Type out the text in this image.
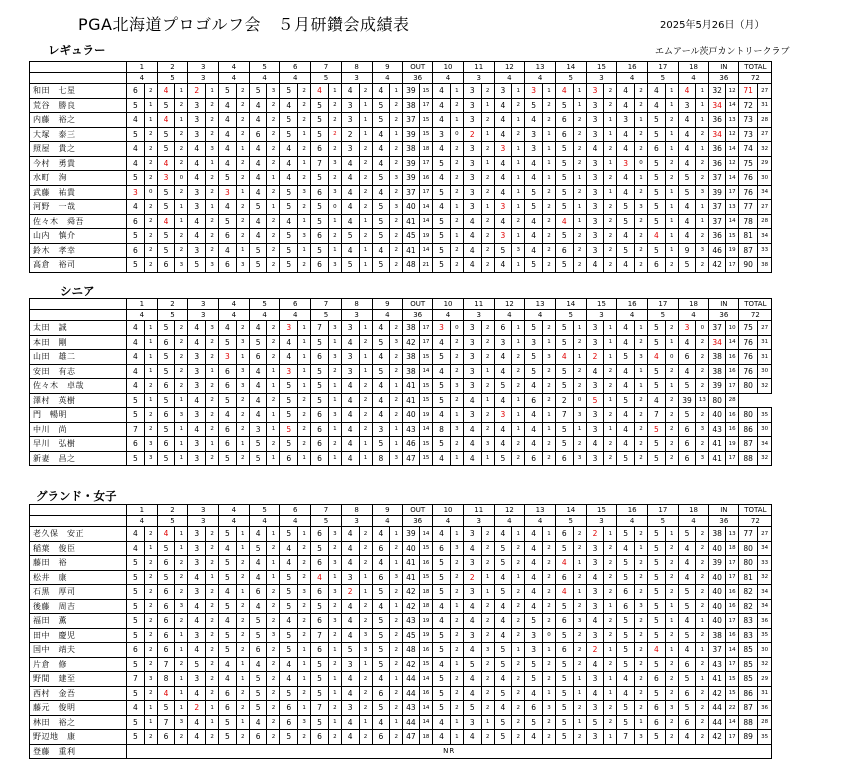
PGA北海道プロゴルフ会　５月研鑽会成績表	2025年5月26日（月）
エムアール茨戸カントリークラブ
レギュラー
シニア
グランド・女子
	1		2		3		4		5		6		7		8		9		OUT		10		11		12		13		14		15		16		17		18		IN		TOTAL	
	4		5		3		4		4		4		5		3		4		36		4		3		4		4		5		3		4		5		4		36		72	
和田　七星	6	2	4	1	2	1	5	2	5	3	5	2	4	1	4	2	4	1	39	15	4	1	3	2	3	1	3	1	4	1	3	2	4	2	4	1	4	1	32	12	71	27
荒谷　勝良	5	1	5	2	3	2	4	2	4	2	4	2	5	2	3	1	5	2	38	17	4	2	3	1	4	2	5	2	5	1	3	2	4	2	4	1	3	1	34	14	72	31
内藤　裕之	4	1	4	1	3	2	4	2	4	2	5	2	5	2	3	1	5	2	37	15	4	1	3	2	4	1	4	2	6	2	3	1	3	1	5	2	4	1	36	13	73	28
大塚　泰三	5	2	5	2	3	2	4	2	6	2	5	1	5	2	2	1	4	1	39	15	3	0	2	1	4	2	3	1	6	2	3	1	4	2	5	1	4	2	34	12	73	27
照屋　貴之	4	2	5	2	4	3	4	1	4	2	4	2	6	2	3	2	4	2	38	18	4	2	3	2	3	1	3	1	5	2	4	2	4	2	6	1	4	1	36	14	74	32
今村　勇貴	4	2	4	2	4	1	4	2	4	2	4	1	7	3	4	2	4	2	39	17	5	2	3	1	4	1	4	1	5	2	3	1	3	0	5	2	4	2	36	12	75	29
水町　洵	5	2	3	0	4	2	5	2	4	1	4	2	5	2	4	2	5	3	39	16	4	2	3	2	4	1	4	1	5	1	3	2	4	1	5	2	5	2	37	14	76	30
武藤　祐貴	3	0	5	2	3	2	3	1	4	2	5	3	6	3	4	2	4	2	37	17	5	2	3	2	4	1	5	2	5	2	3	1	4	2	5	1	5	3	39	17	76	34
河野　一哉	4	2	5	1	3	1	4	2	5	1	5	2	5	0	4	2	5	3	40	14	4	1	3	1	3	1	5	2	5	1	3	2	5	3	5	1	4	1	37	13	77	27
佐々木　舜吾	6	2	4	1	4	2	5	2	4	2	4	1	5	1	4	1	5	2	41	14	5	2	4	2	4	2	4	2	4	1	3	2	5	2	5	1	4	1	37	14	78	28
山内　慎介	5	2	5	2	4	2	6	2	4	2	5	3	6	2	5	2	5	2	45	19	5	1	4	2	3	1	4	2	5	2	3	2	4	2	4	1	4	2	36	15	81	34
鈴木　孝幸	6	2	5	2	3	2	4	1	5	2	5	1	5	1	4	1	4	2	41	14	5	2	4	2	5	3	4	2	6	2	3	2	5	2	5	1	9	3	46	19	87	33
高倉　裕司	5	2	6	3	5	3	6	3	5	2	5	2	6	3	5	1	5	2	48	21	5	2	4	2	4	1	5	2	5	2	4	2	4	2	6	2	5	2	42	17	90	38
	1		2		3		4		5		6		7		8		9		OUT		10		11		12		13		14		15		16		17		18		IN		TOTAL	
	4		5		3		4		4		4		5		3		4		36		4		3		4		4		5		3		4		5		4		36		72	
太田　誠	4	1	5	2	4	3	4	2	4	2	3	1	7	3	3	1	4	2	38	17	3	0	3	2	6	1	5	2	5	1	3	1	4	1	5	2	3	0	37	10	75	27
本田　剛	4	1	6	2	4	2	5	3	5	2	4	1	5	1	4	2	5	3	42	17	4	2	3	2	3	1	3	1	5	2	3	1	4	2	5	1	4	2	34	14	76	31
山田　雄二	4	1	5	2	3	2	3	1	6	2	4	1	6	3	3	1	4	2	38	15	5	2	3	2	4	2	5	3	4	1	2	1	5	3	4	0	6	2	38	16	76	31
安田　有志	4	1	5	2	3	1	6	3	4	1	3	1	5	2	3	1	5	2	38	14	4	2	3	1	4	2	5	2	5	2	4	2	4	1	5	2	4	2	38	16	76	30
佐々木　卓哉	4	2	6	2	3	2	6	3	4	1	5	1	5	1	4	2	4	1	41	15	5	3	3	2	5	2	4	2	5	2	3	2	4	1	5	1	5	2	39	17	80	32
澤村　英樹	5	1	5	1	4	2	5	2	4	2	5	2	5	1	4	2	4	2	41	15	5	2	4	1	4	1	6	2	2	0	5	1	5	2	4	2	39	13	80	28		
門　暢明	5	2	6	3	3	2	4	2	4	1	5	2	6	3	4	2	4	2	40	19	4	1	3	2	3	1	4	1	7	3	3	2	4	2	7	2	5	2	40	16	80	35
中川　尚	7	2	5	1	4	2	6	2	3	1	5	2	6	1	4	2	3	1	43	14	8	3	4	2	4	1	4	1	5	1	3	1	4	2	5	2	6	3	43	16	86	30
早川　弘樹	6	3	6	1	3	1	6	1	5	2	5	2	6	2	4	1	5	1	46	15	5	2	4	3	4	2	4	2	5	2	4	2	4	2	5	2	6	2	41	19	87	34
新妻　昌之	5	3	5	1	3	2	5	2	5	1	6	1	6	1	4	1	8	3	47	15	4	1	4	1	5	2	6	2	6	3	3	2	5	2	5	2	6	3	41	17	88	32
	1		2		3		4		5		6		7		8		9		OUT		10		11		12		13		14		15		16		17		18		IN		TOTAL	
	4		5		3		4		4		4		5		3		4		36		4		3		4		4		5		3		4		5		4		36		72	
老久保　安正	4	2	4	1	3	2	5	1	4	1	5	1	6	3	4	2	4	1	39	14	4	1	3	2	4	1	4	1	6	2	2	1	5	2	5	1	5	2	38	13	77	27
稲葉　俊臣	4	1	5	1	3	2	4	1	5	2	4	2	5	2	4	2	6	2	40	15	6	3	4	2	5	2	4	2	5	2	3	2	4	1	5	2	4	2	40	18	80	34
藤田　裕	5	2	6	2	3	2	5	2	4	1	4	2	6	3	4	2	4	1	41	16	5	2	3	2	5	2	4	2	4	1	3	2	5	2	5	2	4	2	39	17	80	33
松井　康	5	2	5	2	4	1	5	2	4	1	5	2	4	1	3	1	6	3	41	15	5	2	2	1	4	1	4	2	6	2	4	2	5	2	5	2	4	2	40	17	81	32
石黒　厚司	5	2	6	2	3	2	4	1	6	2	5	3	6	3	2	1	5	2	42	18	5	2	3	1	5	2	4	2	4	1	3	2	6	2	5	2	5	2	40	16	82	34
後藤　周吉	5	2	6	3	4	2	5	2	4	2	5	2	5	2	4	2	4	1	42	18	4	1	4	2	4	2	4	2	5	2	3	1	6	3	5	1	5	2	40	16	82	34
福田　薫	5	2	6	2	4	2	4	2	5	2	4	2	6	3	4	2	5	2	43	19	4	2	4	2	4	2	5	2	6	3	4	2	5	2	5	1	4	1	40	17	83	36
田中　慶児	5	2	6	1	3	2	5	2	5	3	5	2	7	2	4	3	5	2	45	19	5	2	3	2	4	2	3	0	5	2	3	2	5	2	5	2	5	2	38	16	83	35
国中　靖夫	6	2	6	1	4	2	5	2	6	2	5	1	6	1	5	3	5	2	48	16	5	2	4	3	5	1	3	1	6	2	2	1	5	2	4	1	4	1	37	14	85	30
片倉　修	5	2	7	2	5	2	4	1	4	2	4	1	5	2	3	1	5	2	42	15	4	1	5	2	5	2	5	2	5	2	4	2	5	2	5	2	6	2	43	17	85	32
野間　建至	7	3	8	1	3	2	4	1	5	2	4	1	5	1	4	2	4	1	44	14	5	2	4	2	4	2	5	2	5	1	3	1	4	2	6	2	5	1	41	15	85	29
西村　金吾	5	2	4	1	4	2	6	2	5	2	5	2	5	1	4	2	6	2	44	16	5	2	4	2	5	2	4	1	5	1	4	1	4	2	5	2	6	2	42	15	86	31
藤元　俊明	4	1	5	1	2	1	6	2	5	2	6	1	7	2	3	2	5	2	43	14	5	2	5	2	4	2	6	3	5	2	3	2	5	2	6	3	5	2	44	22	87	36
林田　裕之	5	1	7	3	4	1	5	1	4	2	6	3	5	1	4	1	4	1	44	14	4	1	3	1	5	2	5	2	5	1	5	2	5	1	6	2	6	2	44	14	88	28
野辺地　康	5	2	6	2	4	2	5	2	6	2	5	2	6	2	4	2	6	2	47	18	4	1	4	2	5	2	4	2	5	2	3	1	7	3	5	2	4	2	42	17	89	35
登藤　重利	NR																																									
